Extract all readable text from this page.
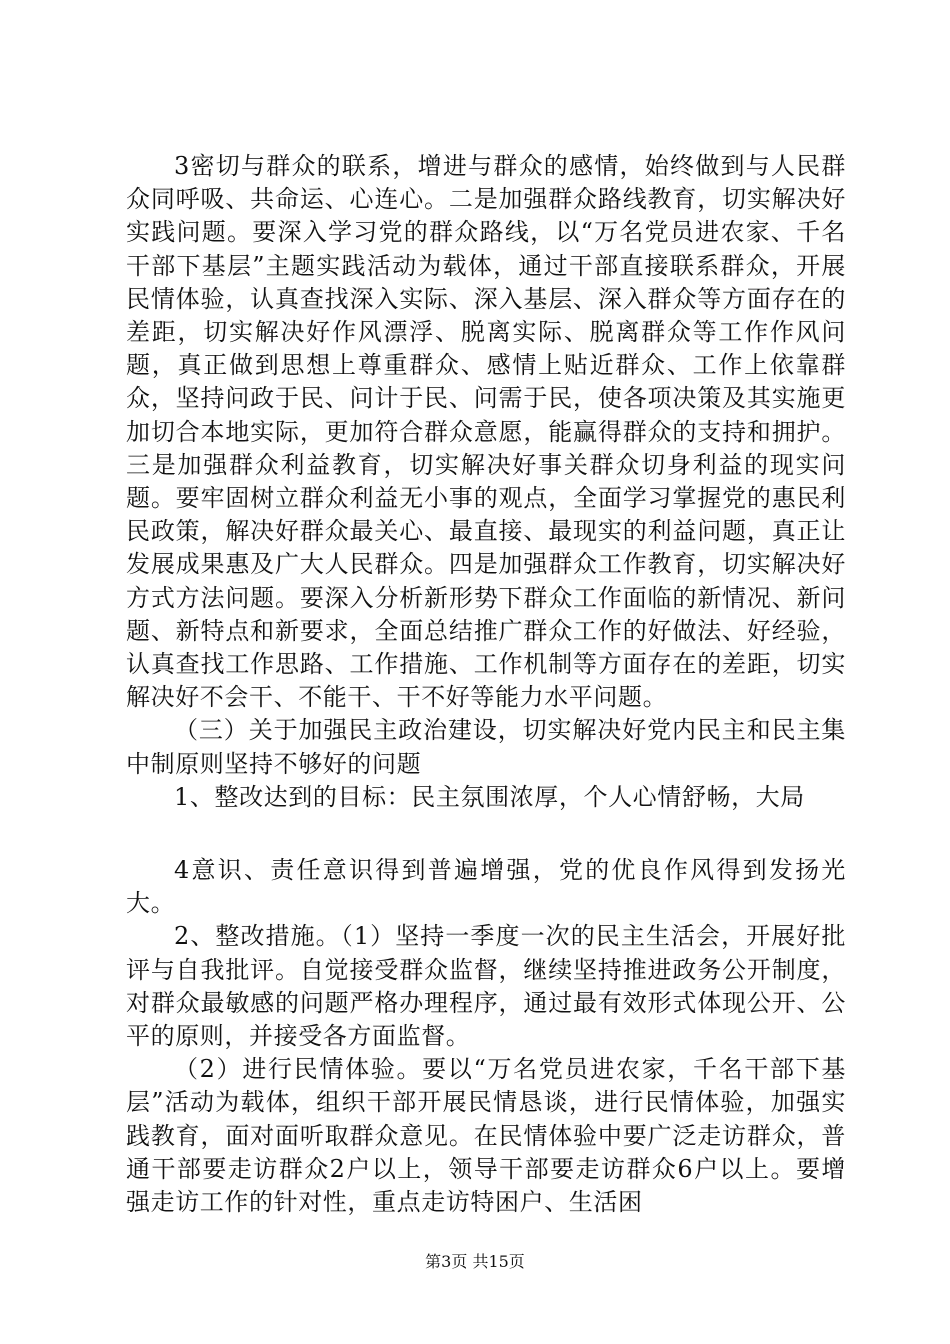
3密切与群众的联系，增进与群众的感情，始终做到与人民群众同呼吸、共命运、心连心。二是加强群众路线教育，切实解决好实践问题。要深入学习党的群众路线，以“万名党员进农家、千名干部下基层”主题实践活动为载体，通过干部直接联系群众，开展民情体验，认真查找深入实际、深入基层、深入群众等方面存在的差距，切实解决好作风漂浮、脱离实际、脱离群众等工作作风问题，真正做到思想上尊重群众、感情上贴近群众、工作上依靠群众，坚持问政于民、问计于民、问需于民，使各项决策及其实施更加切合本地实际，更加符合群众意愿，能赢得群众的支持和拥护。三是加强群众利益教育，切实解决好事关群众切身利益的现实问题。要牢固树立群众利益无小事的观点，全面学习掌握党的惠民利民政策，解决好群众最关心、最直接、最现实的利益问题，真正让发展成果惠及广大人民群众。四是加强群众工作教育，切实解决好方式方法问题。要深入分析新形势下群众工作面临的新情况、新问题、新特点和新要求，全面总结推广群众工作的好做法、好经验，认真查找工作思路、工作措施、工作机制等方面存在的差距，切实解决好不会干、不能干、干不好等能力水平问题。

（三）关于加强民主政治建设，切实解决好党内民主和民主集中制原则坚持不够好的问题

1、整改达到的目标：民主氛围浓厚，个人心情舒畅，大局

4意识、责任意识得到普遍增强，党的优良作风得到发扬光大。

2、整改措施。（1）坚持一季度一次的民主生活会，开展好批评与自我批评。自觉接受群众监督，继续坚持推进政务公开制度，对群众最敏感的问题严格办理程序，通过最有效形式体现公开、公平的原则，并接受各方面监督。

（2）进行民情体验。要以“万名党员进农家，千名干部下基层”活动为载体，组织干部开展民情恳谈，进行民情体验，加强实践教育，面对面听取群众意见。在民情体验中要广泛走访群众，普通干部要走访群众2户以上，领导干部要走访群众6户以上。要增强走访工作的针对性，重点走访特困户、生活困

第3页 共15页
